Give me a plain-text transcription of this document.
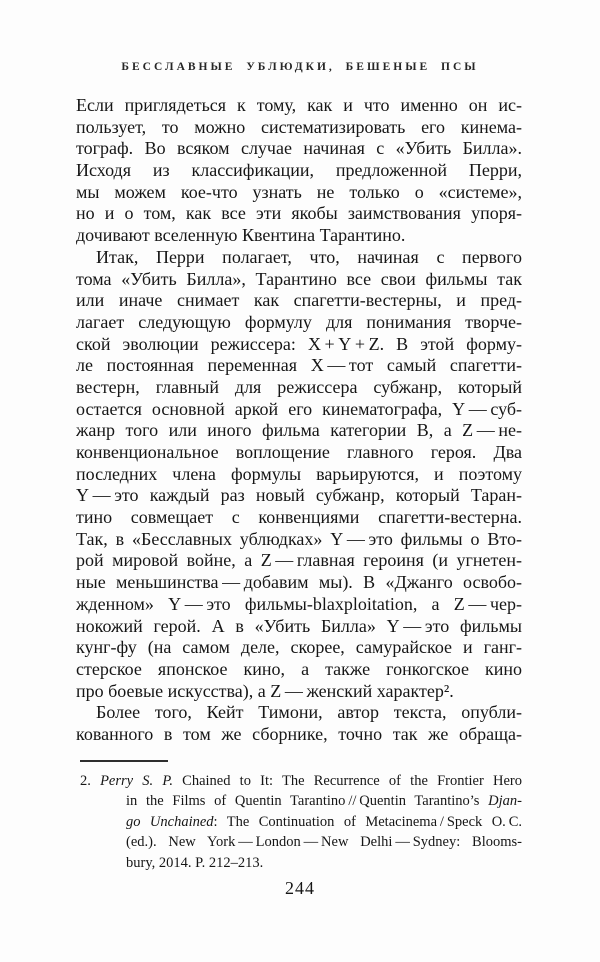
БЕССЛАВНЫЕ УБЛЮДКИ, БЕШЕНЫЕ ПСЫ
Если приглядеться к тому, как и что именно он ис-
пользует, то можно систематизировать его кинема-
тограф. Во всяком случае начиная с «Убить Билла».
Исходя из классификации, предложенной Перри,
мы можем кое-что узнать не только о «системе»,
но и о том, как все эти якобы заимствования упоря-
дочивают вселенную Квентина Тарантино.
Итак, Перри полагает, что, начиная с первого
тома «Убить Билла», Тарантино все свои фильмы так
или иначе снимает как спагетти-вестерны, и пред-
лагает следующую формулу для понимания творче-
ской эволюции режиссера: X + Y + Z. В этой форму-
ле постоянная переменная X — тот самый спагетти-
вестерн, главный для режиссера субжанр, который
остается основной аркой его кинематографа, Y — суб-
жанр того или иного фильма категории B, а Z — не-
конвенциональное воплощение главного героя. Два
последних члена формулы варьируются, и поэтому
Y — это каждый раз новый субжанр, который Таран-
тино совмещает с конвенциями спагетти-вестерна.
Так, в «Бесславных ублюдках» Y — это фильмы о Вто-
рой мировой войне, а Z — главная героиня (и угнетен-
ные меньшинства — добавим мы). В «Джанго освобо-
жденном» Y — это фильмы-blaxploitation, а Z — чер-
нокожий герой. А в «Убить Билла» Y — это фильмы
кунг-фу (на самом деле, скорее, самурайское и ганг-
стерское японское кино, а также гонкогское кино
про боевые искусства), а Z — женский характер².
Более того, Кейт Тимони, автор текста, опубли-
кованного в том же сборнике, точно так же обраща-
2. Perry S. P. Chained to It: The Recurrence of the Frontier Hero
in the Films of Quentin Tarantino // Quentin Tarantino’s Djan-
go Unchained: The Continuation of Metacinema / Speck O. C.
(ed.). New York — London — New Delhi — Sydney: Blooms-
bury, 2014. P. 212–213.
244
